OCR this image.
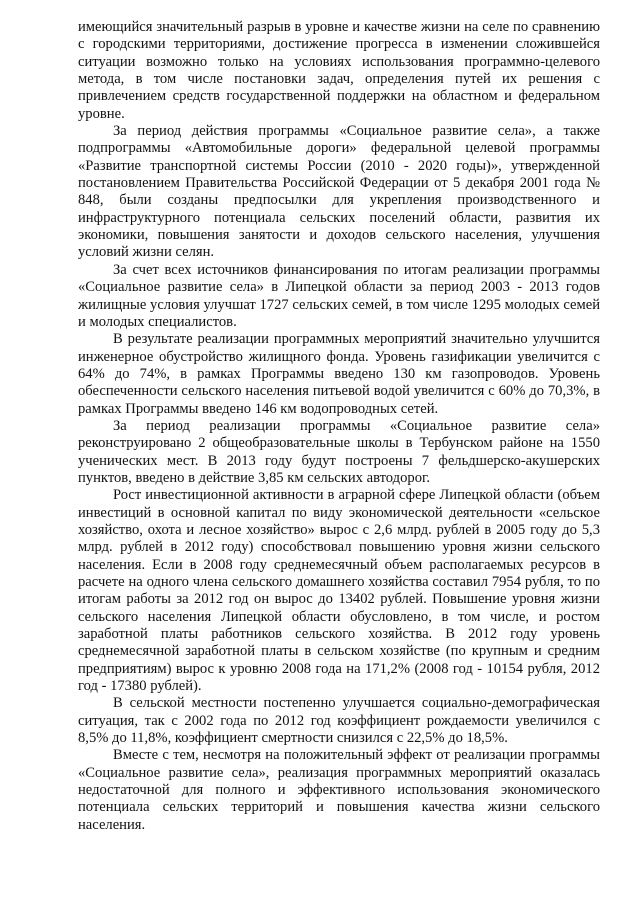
имеющийся значительный разрыв в уровне и качестве жизни на селе по сравнению с городскими территориями, достижение прогресса в изменении сложившейся ситуации возможно только на условиях использования программно-целевого метода, в том числе постановки задач, определения путей их решения с привлечением средств государственной поддержки на областном и федеральном уровне.

За период действия программы «Социальное развитие села», а также подпрограммы «Автомобильные дороги» федеральной целевой программы «Развитие транспортной системы России (2010 - 2020 годы)», утвержденной постановлением Правительства Российской Федерации от 5 декабря 2001 года № 848, были созданы предпосылки для укрепления производственного и инфраструктурного потенциала сельских поселений области, развития их экономики, повышения занятости и доходов сельского населения, улучшения условий жизни селян.

За счет всех источников финансирования по итогам реализации программы «Социальное развитие села» в Липецкой области за период 2003 - 2013 годов жилищные условия улучшат 1727 сельских семей, в том числе 1295 молодых семей и молодых специалистов.

В результате реализации программных мероприятий значительно улучшится инженерное обустройство жилищного фонда. Уровень газификации увеличится с 64% до 74%, в рамках Программы введено 130 км газопроводов. Уровень обеспеченности сельского населения питьевой водой увеличится с 60% до 70,3%, в рамках Программы введено 146 км водопроводных сетей.

За период реализации программы «Социальное развитие села» реконструировано 2 общеобразовательные школы в Тербунском районе на 1550 ученических мест. В 2013 году будут построены 7 фельдшерско-акушерских пунктов, введено в действие 3,85 км сельских автодорог.

Рост инвестиционной активности в аграрной сфере Липецкой области (объем инвестиций в основной капитал по виду экономической деятельности «сельское хозяйство, охота и лесное хозяйство» вырос с 2,6 млрд. рублей в 2005 году до 5,3 млрд. рублей в 2012 году) способствовал повышению уровня жизни сельского населения. Если в 2008 году среднемесячный объем располагаемых ресурсов в расчете на одного члена сельского домашнего хозяйства составил 7954 рубля, то по итогам работы за 2012 год он вырос до 13402 рублей. Повышение уровня жизни сельского населения Липецкой области обусловлено, в том числе, и ростом заработной платы работников сельского хозяйства. В 2012 году уровень среднемесячной заработной платы в сельском хозяйстве (по крупным и средним предприятиям) вырос к уровню 2008 года на 171,2% (2008 год - 10154 рубля, 2012 год - 17380 рублей).

В сельской местности постепенно улучшается социально-демографическая ситуация, так с 2002 года по 2012 год коэффициент рождаемости увеличился с 8,5% до 11,8%, коэффициент смертности снизился с 22,5% до 18,5%.

Вместе с тем, несмотря на положительный эффект от реализации программы «Социальное развитие села», реализация программных мероприятий оказалась недостаточной для полного и эффективного использования экономического потенциала сельских территорий и повышения качества жизни сельского населения.
